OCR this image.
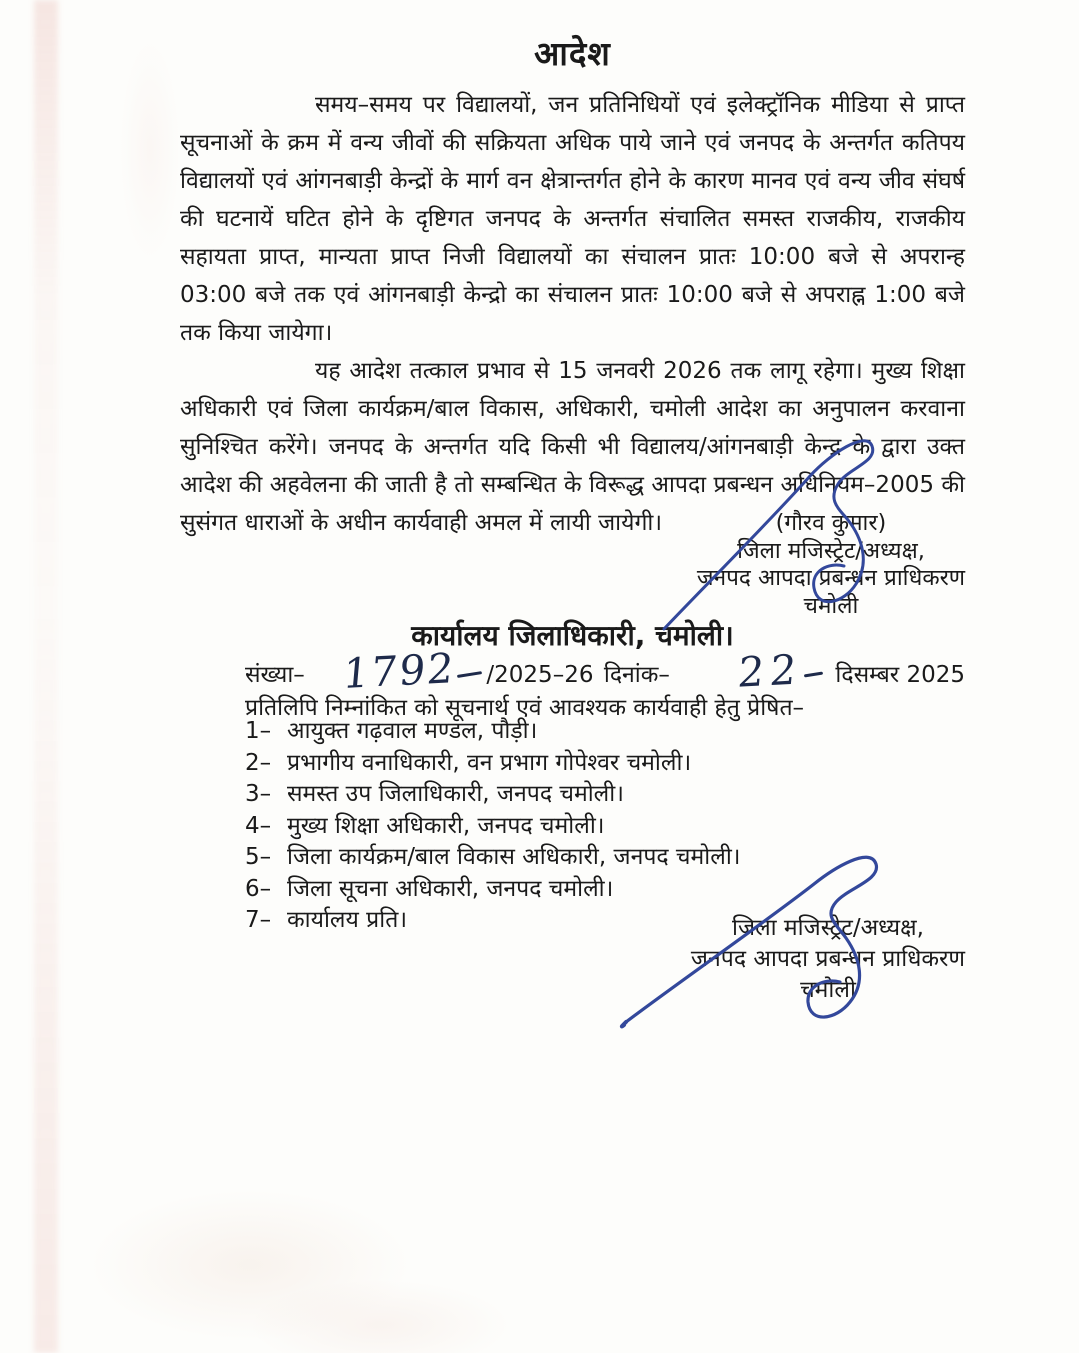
आदेश

समय–समय पर विद्यालयों, जन प्रतिनिधियों एवं इलेक्ट्रॉनिक मीडिया से प्राप्त सूचनाओं के क्रम में वन्य जीवों की सक्रियता अधिक पाये जाने एवं जनपद के अन्तर्गत कतिपय विद्यालयों एवं आंगनबाड़ी केन्द्रों के मार्ग वन क्षेत्रान्तर्गत होने के कारण मानव एवं वन्य जीव संघर्ष की घटनायें घटित होने के दृष्टिगत जनपद के अन्तर्गत संचालित समस्त राजकीय, राजकीय सहायता प्राप्त, मान्यता प्राप्त निजी विद्यालयों का संचालन प्रातः 10:00 बजे से अपरान्ह 03:00 बजे तक एवं आंगनबाड़ी केन्द्रो का संचालन प्रातः 10:00 बजे से अपराह्न 1:00 बजे तक किया जायेगा।

यह आदेश तत्काल प्रभाव से 15 जनवरी 2026 तक लागू रहेगा। मुख्य शिक्षा अधिकारी एवं जिला कार्यक्रम/बाल विकास, अधिकारी, चमोली आदेश का अनुपालन करवाना सुनिश्चित करेंगे। जनपद के अन्तर्गत यदि किसी भी विद्यालय/आंगनबाड़ी केन्द्र के द्वारा उक्त आदेश की अहवेलना की जाती है तो सम्बन्धित के विरूद्ध आपदा प्रबन्धन अधिनियम–2005 की सुसंगत धाराओं के अधीन कार्यवाही अमल में लायी जायेगी।	(गौरव कुमार)
जिला मजिस्ट्रेट/अध्यक्ष,
जनपद आपदा प्रबन्धन प्राधिकरण
चमोली
कार्यालय जिलाधिकारी, चमोली।
संख्या– 1792 /2025–26 दिनांक– 22 दिसम्बर 2025
प्रतिलिपि निम्नांकित को सूचनार्थ एवं आवश्यक कार्यवाही हेतु प्रेषित–
1– आयुक्त गढ़वाल मण्डल, पौड़ी।
2– प्रभागीय वनाधिकारी, वन प्रभाग गोपेश्वर चमोली।
3– समस्त उप जिलाधिकारी, जनपद चमोली।
4– मुख्य शिक्षा अधिकारी, जनपद चमोली।
5– जिला कार्यक्रम/बाल विकास अधिकारी, जनपद चमोली।
6– जिला सूचना अधिकारी, जनपद चमोली।
7– कार्यालय प्रति।	जिला मजिस्ट्रेट/अध्यक्ष,
जनपद आपदा प्रबन्धन प्राधिकरण
चमोली
